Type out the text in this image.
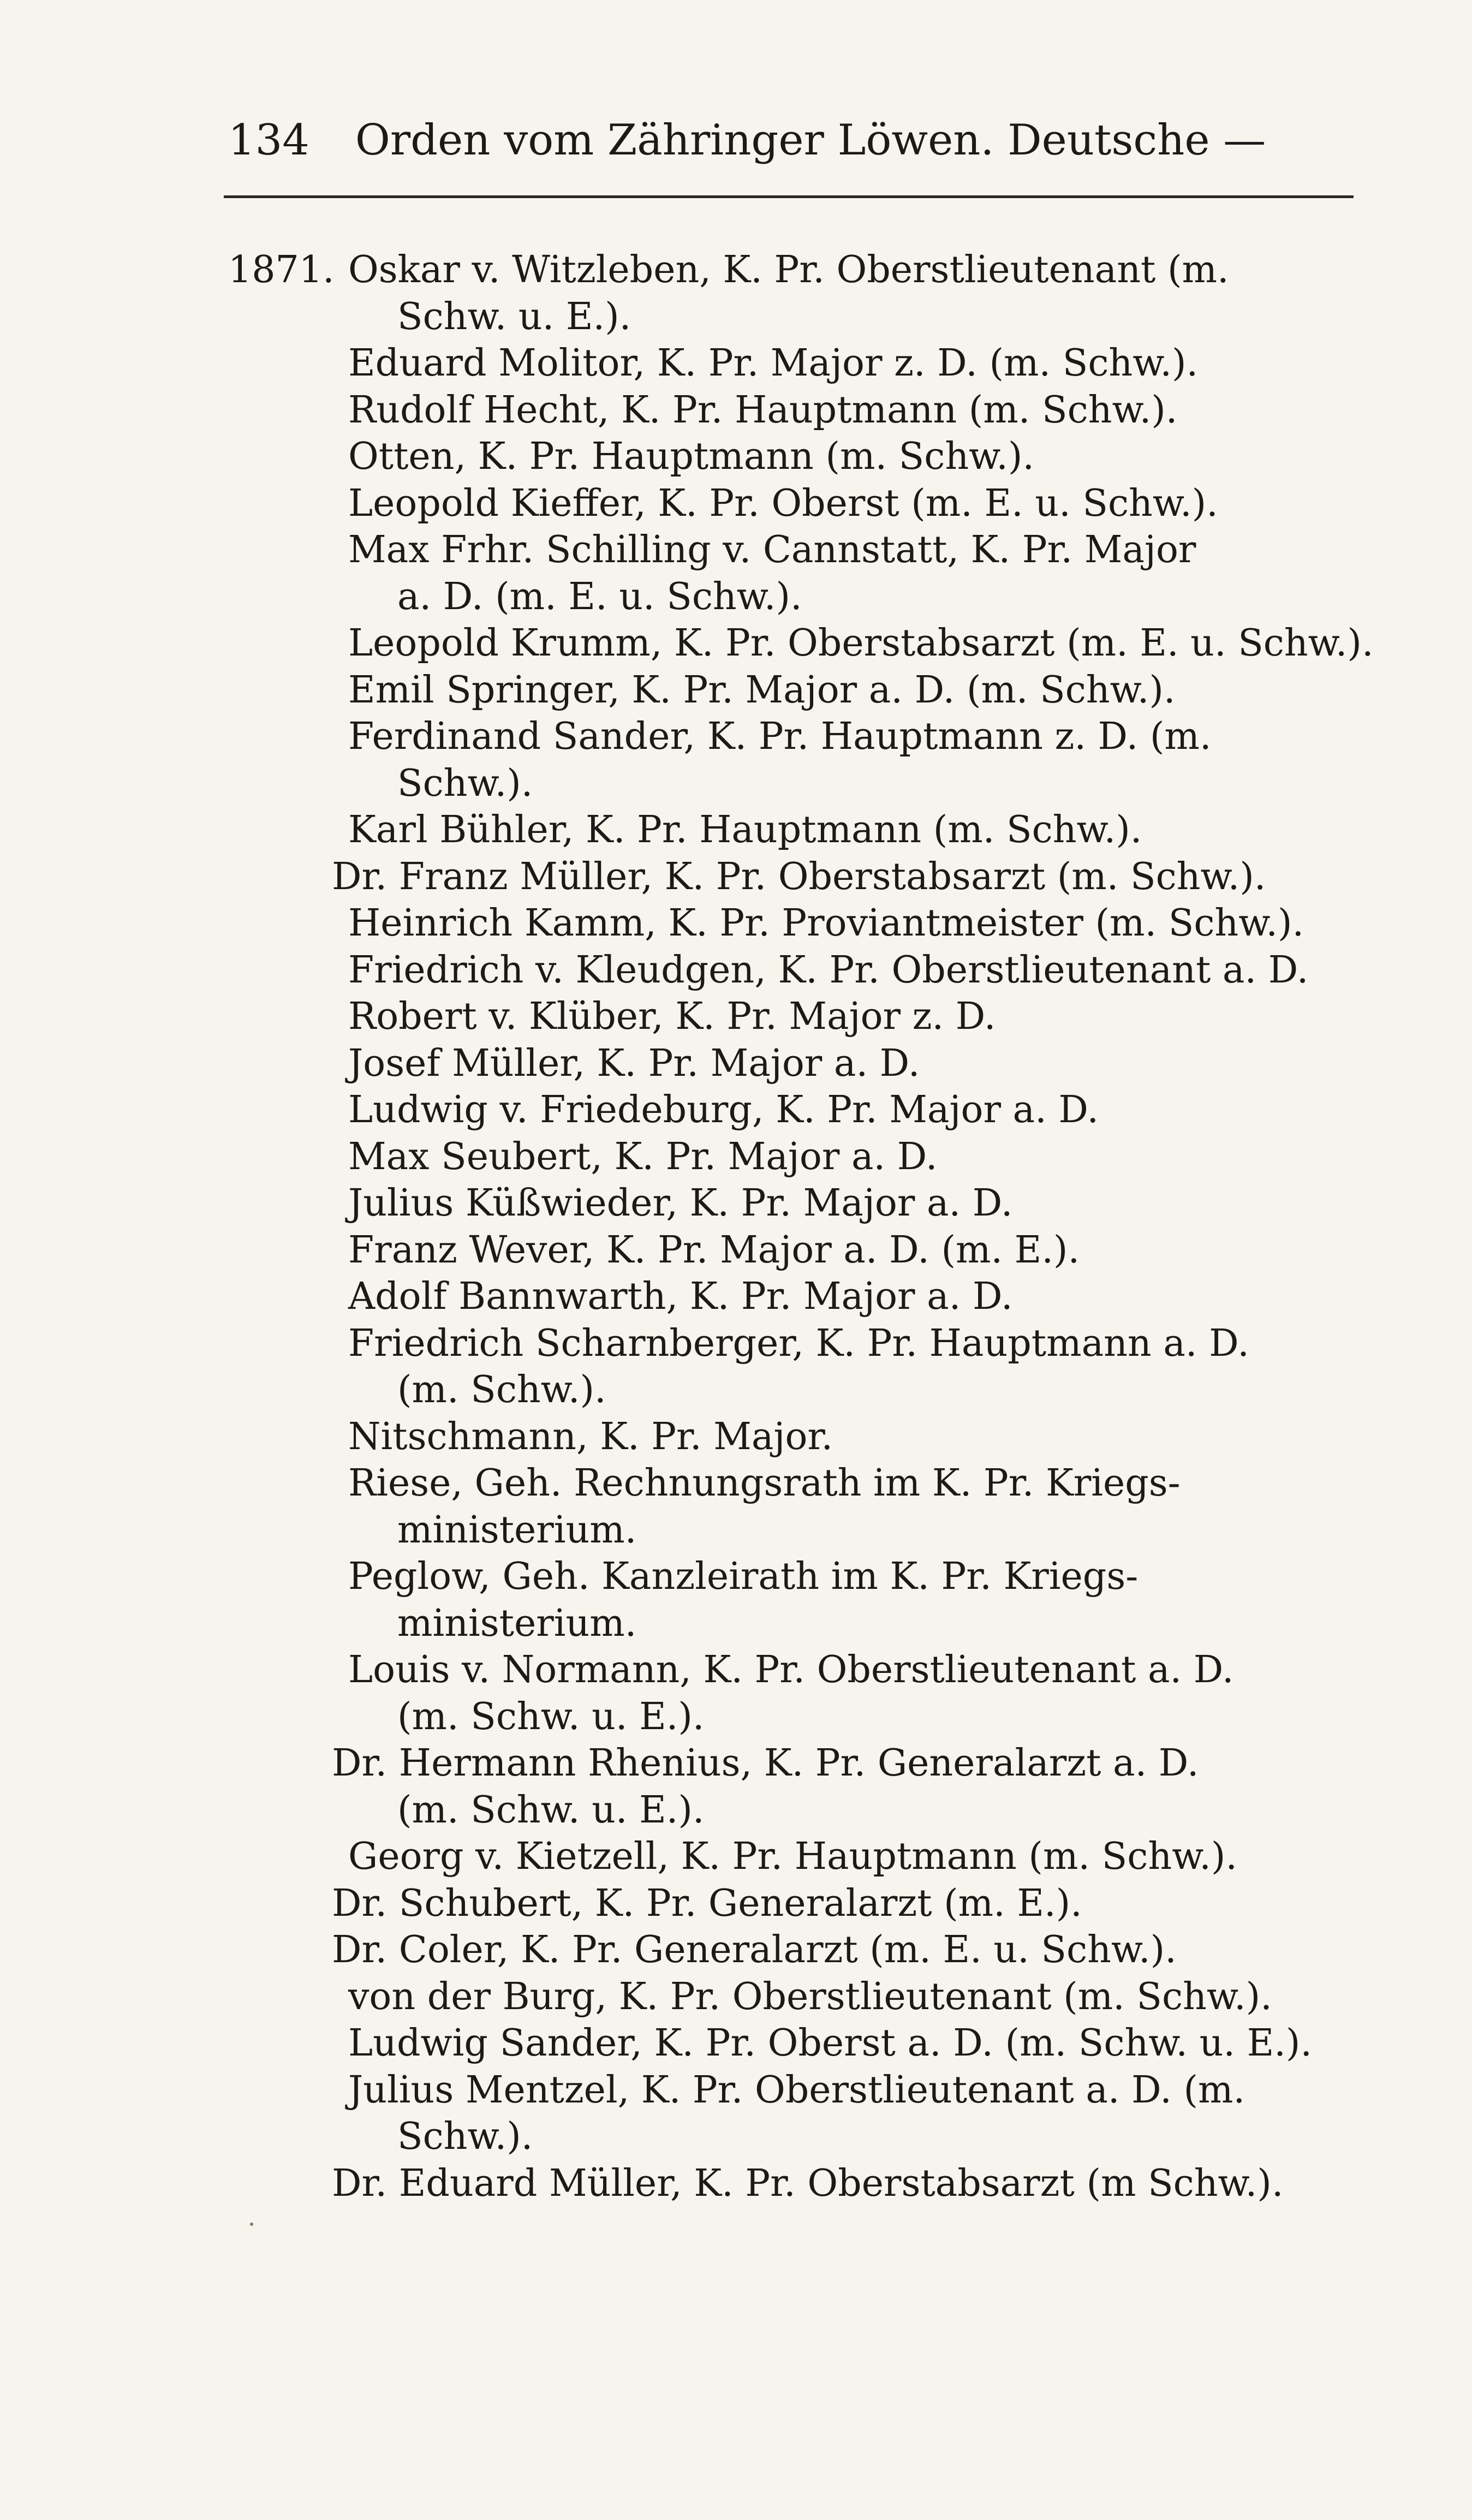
134 Orden vom Zähringer Löwen. Deutsche —
1871. Oskar v. Witzleben, K. Pr. Oberstlieutenant (m.
Schw. u. E.).
Eduard Molitor, K. Pr. Major z. D. (m. Schw.).
Rudolf Hecht, K. Pr. Hauptmann (m. Schw.).
Otten, K. Pr. Hauptmann (m. Schw.).
Leopold Kieffer, K. Pr. Oberst (m. E. u. Schw.).
Max Frhr. Schilling v. Cannstatt, K. Pr. Major
a. D. (m. E. u. Schw.).
Leopold Krumm, K. Pr. Oberstabsarzt (m. E. u. Schw.).
Emil Springer, K. Pr. Major a. D. (m. Schw.).
Ferdinand Sander, K. Pr. Hauptmann z. D. (m.
Schw.).
Karl Bühler, K. Pr. Hauptmann (m. Schw.).
Dr. Franz Müller, K. Pr. Oberstabsarzt (m. Schw.).
Heinrich Kamm, K. Pr. Proviantmeister (m. Schw.).
Friedrich v. Kleudgen, K. Pr. Oberstlieutenant a. D.
Robert v. Klüber, K. Pr. Major z. D.
Josef Müller, K. Pr. Major a. D.
Ludwig v. Friedeburg, K. Pr. Major a. D.
Max Seubert, K. Pr. Major a. D.
Julius Küßwieder, K. Pr. Major a. D.
Franz Wever, K. Pr. Major a. D. (m. E.).
Adolf Bannwarth, K. Pr. Major a. D.
Friedrich Scharnberger, K. Pr. Hauptmann a. D.
(m. Schw.).
Nitschmann, K. Pr. Major.
Riese, Geh. Rechnungsrath im K. Pr. Kriegs-
ministerium.
Peglow, Geh. Kanzleirath im K. Pr. Kriegs-
ministerium.
Louis v. Normann, K. Pr. Oberstlieutenant a. D.
(m. Schw. u. E.).
Dr. Hermann Rhenius, K. Pr. Generalarzt a. D.
(m. Schw. u. E.).
Georg v. Kietzell, K. Pr. Hauptmann (m. Schw.).
Dr. Schubert, K. Pr. Generalarzt (m. E.).
Dr. Coler, K. Pr. Generalarzt (m. E. u. Schw.).
von der Burg, K. Pr. Oberstlieutenant (m. Schw.).
Ludwig Sander, K. Pr. Oberst a. D. (m. Schw. u. E.).
Julius Mentzel, K. Pr. Oberstlieutenant a. D. (m.
Schw.).
Dr. Eduard Müller, K. Pr. Oberstabsarzt (m Schw.).
